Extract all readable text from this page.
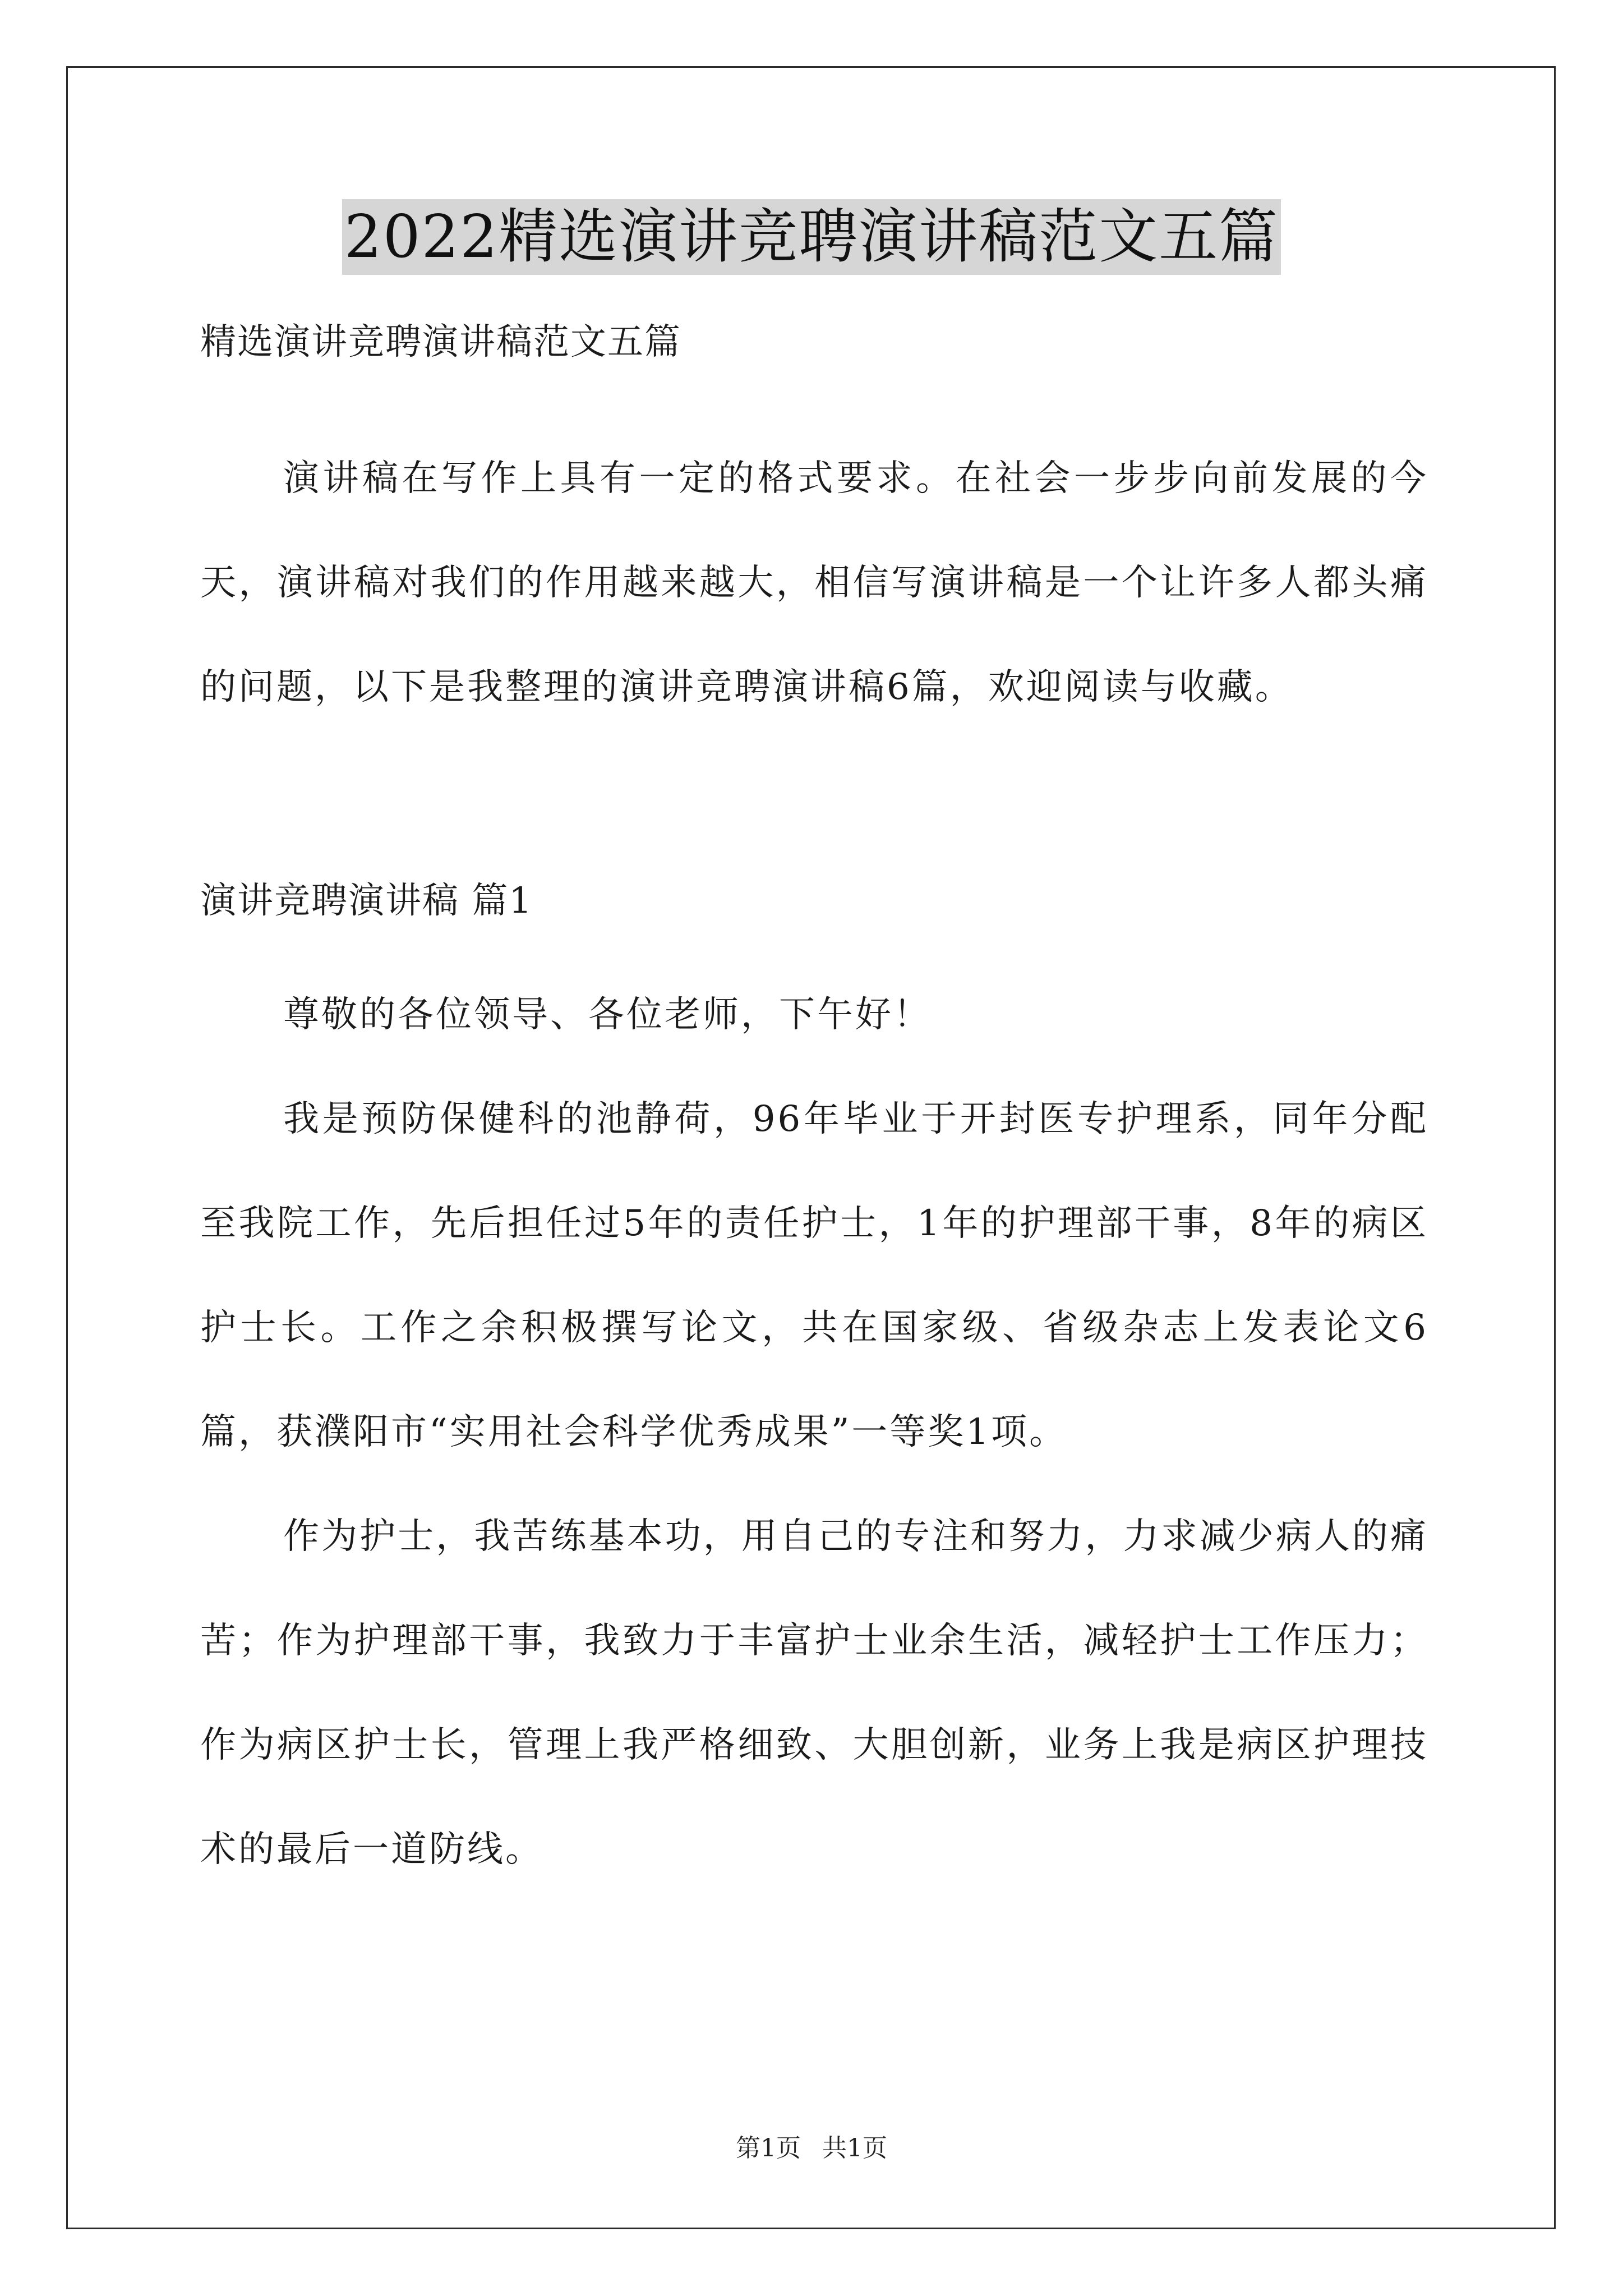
2022精选演讲竞聘演讲稿范文五篇

精选演讲竞聘演讲稿范文五篇

演讲稿在写作上具有一定的格式要求。在社会一步步向前发展的今天，演讲稿对我们的作用越来越大，相信写演讲稿是一个让许多人都头痛的问题，以下是我整理的演讲竞聘演讲稿6篇，欢迎阅读与收藏。

演讲竞聘演讲稿 篇1

尊敬的各位领导、各位老师，下午好！

我是预防保健科的池静荷，96年毕业于开封医专护理系，同年分配至我院工作，先后担任过5年的责任护士，1年的护理部干事，8年的病区护士长。工作之余积极撰写论文，共在国家级、省级杂志上发表论文6篇，获濮阳市“实用社会科学优秀成果”一等奖1项。

作为护士，我苦练基本功，用自己的专注和努力，力求减少病人的痛苦；作为护理部干事，我致力于丰富护士业余生活，减轻护士工作压力；作为病区护士长，管理上我严格细致、大胆创新，业务上我是病区护理技术的最后一道防线。

第1页 共1页
